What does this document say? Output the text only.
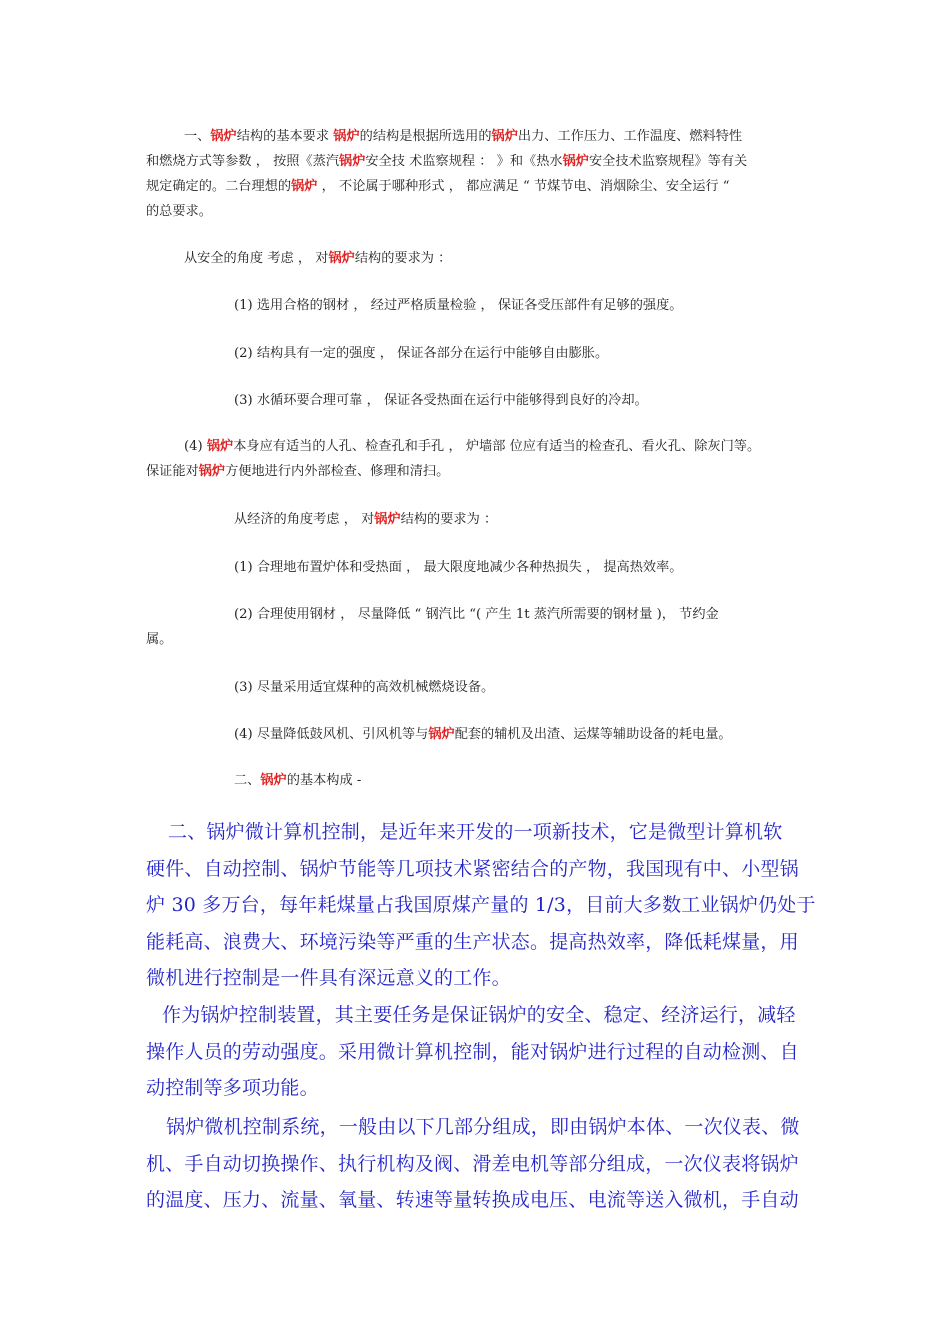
一、锅炉结构的基本要求 锅炉的结构是根据所选用的锅炉出力、工作压力、工作温度、燃料特性
和燃烧方式等参数 ， 按照《蒸汽锅炉安全技 术监察规程 ： 》和《热水锅炉安全技术监察规程》等有关
规定确定的。二台理想的锅炉 ， 不论属于哪种形式 ， 都应满足 “ 节煤节电、消烟除尘、安全运行 “
的总要求。
从安全的角度 考虑 ， 对锅炉结构的要求为 ：
(1) 选用合格的钢材 ， 经过严格质量检验 ， 保证各受压部件有足够的强度。
(2) 结构具有一定的强度 ， 保证各部分在运行中能够自由膨胀。
(3) 水循环要合理可靠 ， 保证各受热面在运行中能够得到良好的冷却。
(4) 锅炉本身应有适当的人孔、检查孔和手孔 ， 炉墙部 位应有适当的检查孔、看火孔、除灰门等。
保证能对锅炉方便地进行内外部检查、修理和清扫。
从经济的角度考虑 ， 对锅炉结构的要求为 ：
(1) 合理地布置炉体和受热面 ， 最大限度地减少各种热损失 ， 提高热效率。
(2) 合理使用钢材 ， 尽量降低 “ 钢汽比 “( 产生 1t 蒸汽所需要的钢材量 )， 节约金
属。
(3) 尽量采用适宜煤种的高效机械燃烧设备。
(4) 尽量降低鼓风机、引风机等与锅炉配套的辅机及出渣、运煤等辅助设备的耗电量。
二、锅炉的基本构成 -
二、锅炉微计算机控制，是近年来开发的一项新技术，它是微型计算机软
硬件、自动控制、锅炉节能等几项技术紧密结合的产物，我国现有中、小型锅
炉 30 多万台，每年耗煤量占我国原煤产量的 1/3，目前大多数工业锅炉仍处于
能耗高、浪费大、环境污染等严重的生产状态。提高热效率，降低耗煤量，用
微机进行控制是一件具有深远意义的工作。
作为锅炉控制装置，其主要任务是保证锅炉的安全、稳定、经济运行，减轻
操作人员的劳动强度。采用微计算机控制，能对锅炉进行过程的自动检测、自
动控制等多项功能。
锅炉微机控制系统，一般由以下几部分组成，即由锅炉本体、一次仪表、微
机、手自动切换操作、执行机构及阀、滑差电机等部分组成，一次仪表将锅炉
的温度、压力、流量、氧量、转速等量转换成电压、电流等送入微机，手自动
